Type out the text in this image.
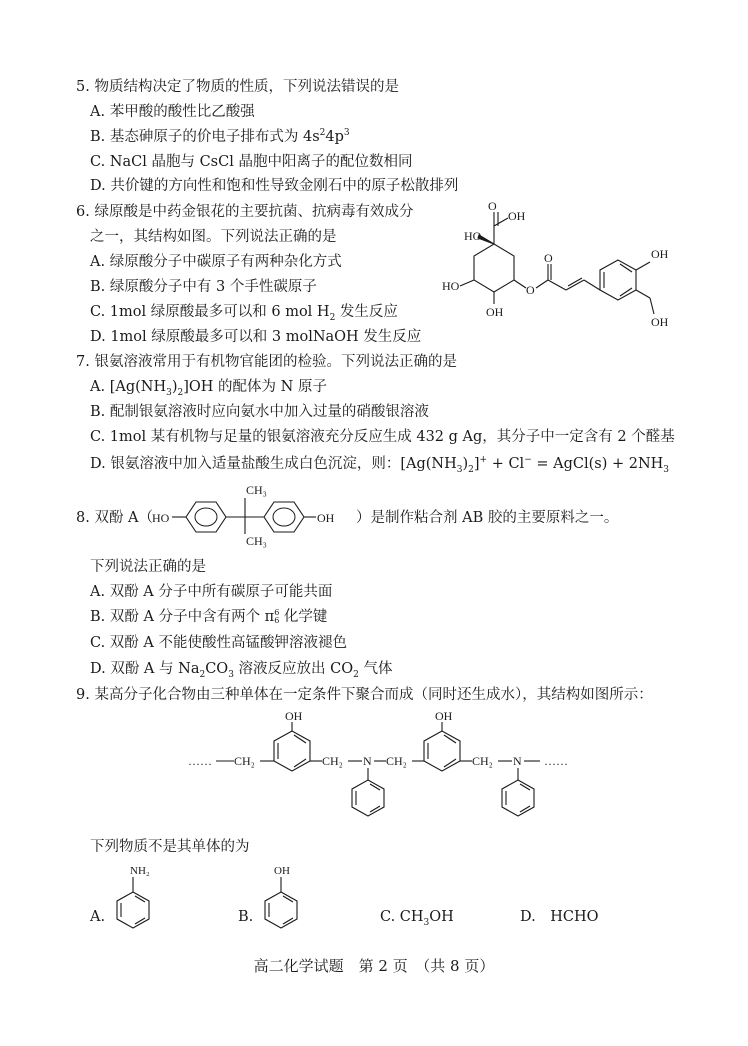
5. 物质结构决定了物质的性质，下列说法错误的是
A. 苯甲酸的酸性比乙酸强
B. 基态砷原子的价电子排布式为 $4s^24p^3$
C. NaCl 晶胞与 CsCl 晶胞中阳离子的配位数相同
D. 共价键的方向性和饱和性导致金刚石中的原子松散排列
6. 绿原酸是中药金银花的主要抗菌、抗病毒有效成分
之一，其结构如图。下列说法正确的是
A. 绿原酸分子中碳原子有两种杂化方式
B. 绿原酸分子中有 3 个手性碳原子
C. 1mol 绿原酸最多可以和 6 mol $H_2$ 发生反应
D. 1mol 绿原酸最多可以和 3 molNaOH 发生反应
O
OH
HO
HO
OH
O
O	OH
OH
7. 银氨溶液常用于有机物官能团的检验。下列说法正确的是
A. $[Ag(NH_3)_2]OH$ 的配体为 N 原子
B. 配制银氨溶液时应向氨水中加入过量的硝酸银溶液
C. 1mol 某有机物与足量的银氨溶液充分反应生成 432 g Ag，其分子中一定含有 2 个醛基
D. 银氨溶液中加入适量盐酸生成白色沉淀，则：$[Ag(NH_3)_2]^+ + Cl^-$ = AgCl(s) + $2NH_3$
8. 双酚 A（	）是制作粘合剂 AB 胶的主要原料之一。
HO
CH₃
CH₃
OH
下列说法正确的是
A. 双酚 A 分子中所有碳原子可能共面
B. 双酚 A 分子中含有两个 π 6
6 化学键
C. 双酚 A 不能使酸性高锰酸钾溶液褪色
D. 双酚 A 与 $Na_2CO_3$ 溶液反应放出 $CO_2$ 气体
9. 某高分子化合物由三种单体在一定条件下聚合而成（同时还生成水），其结构如图所示：
…… CH₂
OH
CH₂ N CH₂
OH
CH₂ N ……
下列物质不是其单体的为
A.
NH₂
B.
OH
C. $CH_3OH$	D.　HCHO
高二化学试题　第 2 页　（共 8 页）
